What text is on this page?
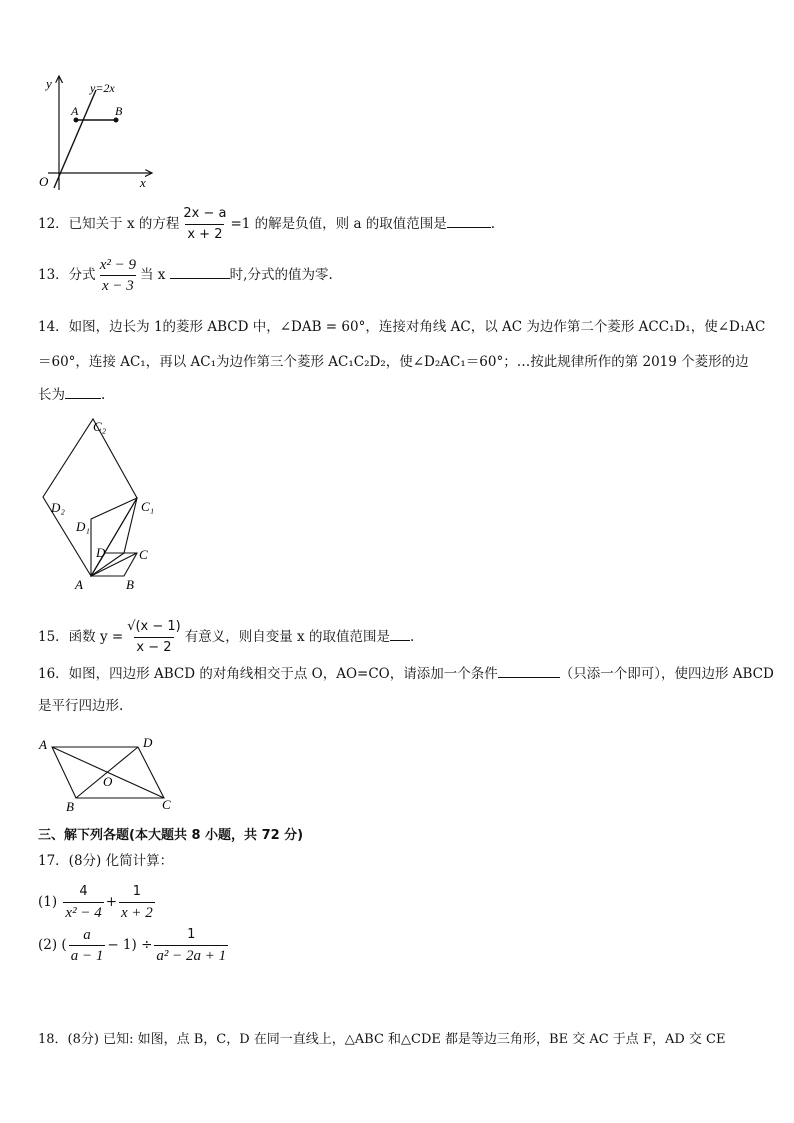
y
x
O
y=2x
A	B
12．已知关于 x 的方程 $\frac{2x - a}{x + 2} =1$ 的解是负值，则 a 的取值范围是	.
13．分式 $\frac{\text{x² − 9}}{x - 3}$ 当 x	时,分式的值为零.
14．如图，边长为 1的菱形 ABCD 中，∠DAB = 60°，连接对角线 AC，以 AC 为边作第二个菱形 ACC₁D₁，使∠D₁AC
＝60°，连接 AC₁，再以 AC₁为边作第三个菱形 AC₁C₂D₂，使∠D₂AC₁＝60°；…按此规律所作的第 2019 个菱形的边
长为	.
C₂
D₂	C₁
D₁
D	C
A	B
15．函数 $y = \frac{√(x - 1)}{x - 2}$ 有意义，则自变量 x 的取值范围是 .
16．如图，四边形 ABCD 的对角线相交于点 O，AO=CO，请添加一个条件	（只添一个即可），使四边形 ABCD
是平行四边形.
A	D
O
B	C
三、解下列各题(本大题共 8 小题，共 72 分)
17．(8分) 化简计算：
$(1) \frac{4}{\text{x² − 4}} + \frac{1}{x + 2}$
(2) ( $\frac{a}{a - 1} - 1) \div \frac{1}{\text{a² − 2a + 1}}$
18．(8分) 已知: 如图，点 B，C，D 在同一直线上，△ABC 和△CDE 都是等边三角形，BE 交 AC 于点 F，AD 交 CE
